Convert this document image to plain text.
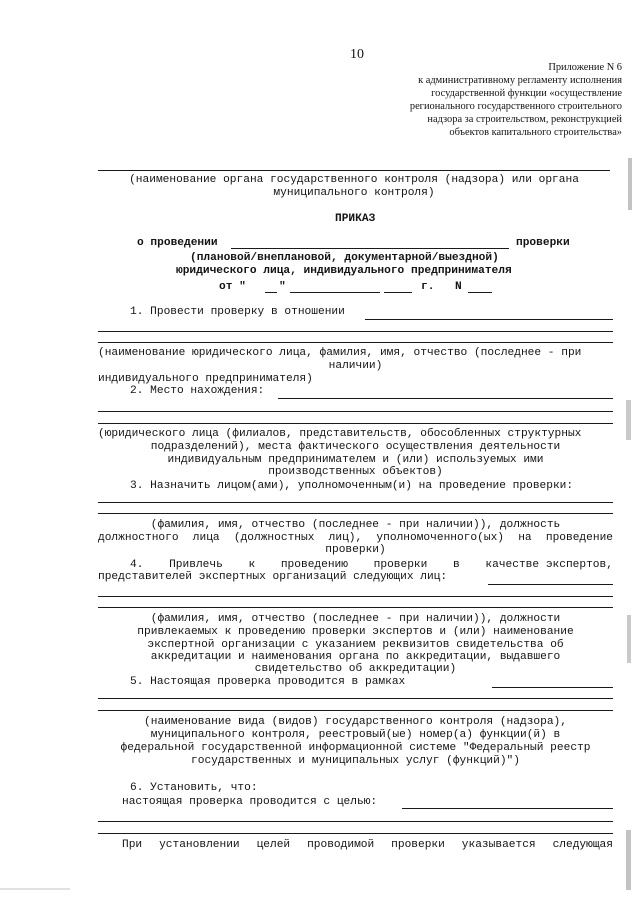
10
Приложение N 6
к административному регламенту исполнения
государственной функции «осуществление
регионального государственного строительного
надзора за строительством, реконструкцией
объектов капитального строительства»
(наименование органа государственного контроля (надзора) или органа
муниципального контроля)
ПРИКАЗ
о проведении	проверки
(плановой/внеплановой, документарной/выездной)
юридического лица, индивидуального предпринимателя
от "	"	г. N
1. Провести проверку в отношении
(наименование юридического лица, фамилия, имя, отчество (последнее - при
наличии)
индивидуального предпринимателя)
2. Место нахождения:
(юридического лица (филиалов, представительств, обособленных структурных
подразделений), места фактического осуществления деятельности
индивидуальным предпринимателем и (или) используемых ими
производственных объектов)
3. Назначить лицом(ами), уполномоченным(и) на проведение проверки:
(фамилия, имя, отчество (последнее - при наличии)), должность
должностного лица (должностных лиц), уполномоченного(ых) на проведение
проверки)
4. Привлечь к проведению проверки в качестве экспертов,
представителей экспертных организаций следующих лиц:
(фамилия, имя, отчество (последнее - при наличии)), должности
привлекаемых к проведению проверки экспертов и (или) наименование
экспертной организации с указанием реквизитов свидетельства об
аккредитации и наименования органа по аккредитации, выдавшего
свидетельство об аккредитации)
5. Настоящая проверка проводится в рамках
(наименование вида (видов) государственного контроля (надзора),
муниципального контроля, реестровый(ые) номер(а) функции(й) в
федеральной государственной информационной системе "Федеральный реестр
государственных и муниципальных услуг (функций)")
6. Установить, что:
настоящая проверка проводится с целью:
При установлении целей проводимой проверки указывается следующая
